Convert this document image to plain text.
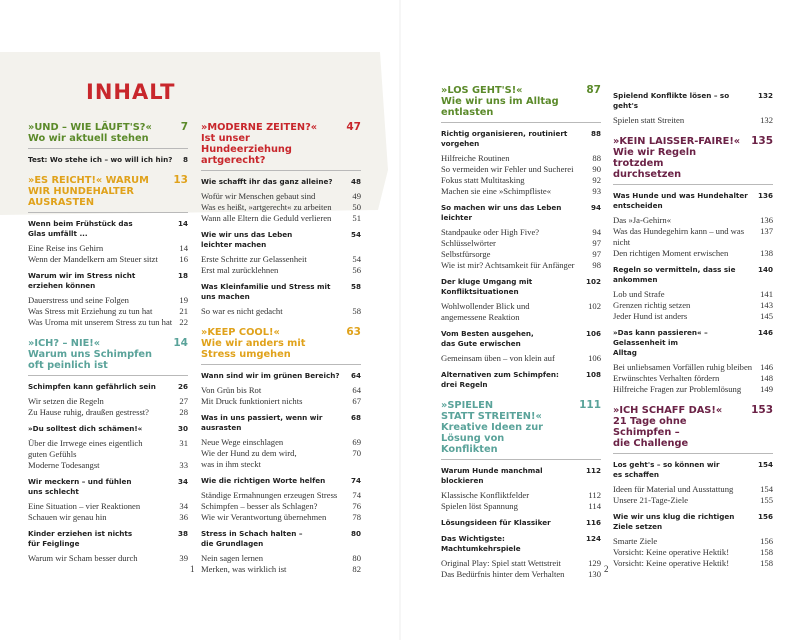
INHALT
»UND – WIE LÄUFT'S?«
Wo wir aktuell stehen
7
Test: Wo stehe ich – wo will ich hin? 8
»ES REICHT!« WARUM
WIR HUNDEHALTER
AUSRASTEN
13
Wenn beim Frühstück das
Glas umfällt ...
14
Eine Reise ins Gehirn	14
Wenn der Mandelkern am Steuer sitzt	16
Warum wir im Stress nicht
erziehen können
18
Dauerstress und seine Folgen	19
Was Stress mit Erziehung zu tun hat	21
Was Uroma mit unserem Stress zu tun hat 22
»ICH? – NIE!«
Warum uns Schimpfen
oft peinlich ist
14
Schimpfen kann gefährlich sein	26
Wir setzen die Regeln	27
Zu Hause ruhig, draußen gestresst?	28
»Du solltest dich schämen!«	30
Über die Irrwege eines eigentlich
guten Gefühls
31
Moderne Todesangst	33
Wir meckern – und fühlen
uns schlecht
34
Eine Situation – vier Reaktionen	34
Schauen wir genau hin	36
Kinder erziehen ist nichts
für Feiglinge
38
Warum wir Scham besser durch	39
»MODERNE ZEITEN?«
Ist unser Hundeerziehung
artgerecht?
47
Wie schafft ihr das ganz alleine?	48
Wofür wir Menschen gebaut sind	49
Was es heißt, »artgerecht« zu arbeiten 50
Wann alle Eltern die Geduld verlieren 51
Wie wir uns das Leben
leichter machen
54
Erste Schritte zur Gelassenheit	54
Erst mal zurücklehnen	56
Was Kleinfamilie und Stress mit
uns machen
58
So war es nicht gedacht	58
»KEEP COOL!«
Wie wir anders mit
Stress umgehen
63
Wann sind wir im grünen Bereich? 64
Von Grün bis Rot	64
Mit Druck funktioniert nichts	67
Was in uns passiert, wenn wir
ausrasten
68
Neue Wege einschlagen	69
Wie der Hund zu dem wird,
was in ihm steckt
70
Wie die richtigen Worte helfen	74
Ständige Ermahnungen erzeugen Stress 74
Schimpfen – besser als Schlagen?	76
Wie wir Verantwortung übernehmen	78
Stress in Schach halten –
die Grundlagen
80
Nein sagen lernen	80
Merken, was wirklich ist	82
»LOS GEHT'S!«
Wie wir uns im Alltag
entlasten
87
Richtig organisieren, routiniert
vorgehen
88
Hilfreiche Routinen	88
So vermeiden wir Fehler und Sucherei 90
Fokus statt Multitasking	92
Machen sie eine »Schimpfliste«	93
So machen wir uns das Leben
leichter
94
Standpauke oder High Five?	94
Schlüsselwörter	97
Selbstfürsorge	97
Wie ist mir? Achtsamkeit für Anfänger 98
Der kluge Umgang mit
Konfliktsituationen
102
Wohlwollender Blick und
angemessene Reaktion
102
Vom Besten ausgehen,
das Gute erwischen
106
Gemeinsam üben – von klein auf	106
Alternativen zum Schimpfen:
drei Regeln
108
»SPIELEN
STATT STREITEN!«
Kreative Ideen zur Lösung von
Konflikten
111
Warum Hunde manchmal blockieren
112
Klassische Konfliktfelder	112
Spielen löst Spannung	114
Lösungsideen für Klassiker	116
Das Wichtigste: Machtumkehrspiele
124
Original Play: Spiel statt Wettstreit	129
Das Bedürfnis hinter dem Verhalten	130
Spielend Konflikte lösen – so geht's
132
Spielen statt Streiten	132
»KEIN LAISSER-FAIRE!«
Wie wir Regeln trotzdem
durchsetzen
135
Was Hunde und was Hundehalter
entscheiden
136
Das »Ja-Gehirn«	136
Was das Hundegehirn kann – und was nicht
137
Den richtigen Moment erwischen	138
Regeln so vermitteln, dass sie
ankommen
140
Lob und Strafe	141
Grenzen richtig setzen	143
Jeder Hund ist anders	145
»Das kann passieren« – Gelassenheit im
Alltag
146
Bei unliebsamen Vorfällen ruhig bleiben 146
Erwünschtes Verhalten fördern	148
Hilfreiche Fragen zur Problemlösung 149
»ICH SCHAFF DAS!«
21 Tage ohne Schimpfen –
die Challenge
153
Los geht's – so können wir
es schaffen
154
Ideen für Material und Ausstattung	154
Unsere 21-Tage-Ziele	155
Wie wir uns klug die richtigen
Ziele setzen
156
Smarte Ziele	156
Vorsicht: Keine operative Hektik!	158
Vorsicht: Keine operative Hektik!	158
1	2
